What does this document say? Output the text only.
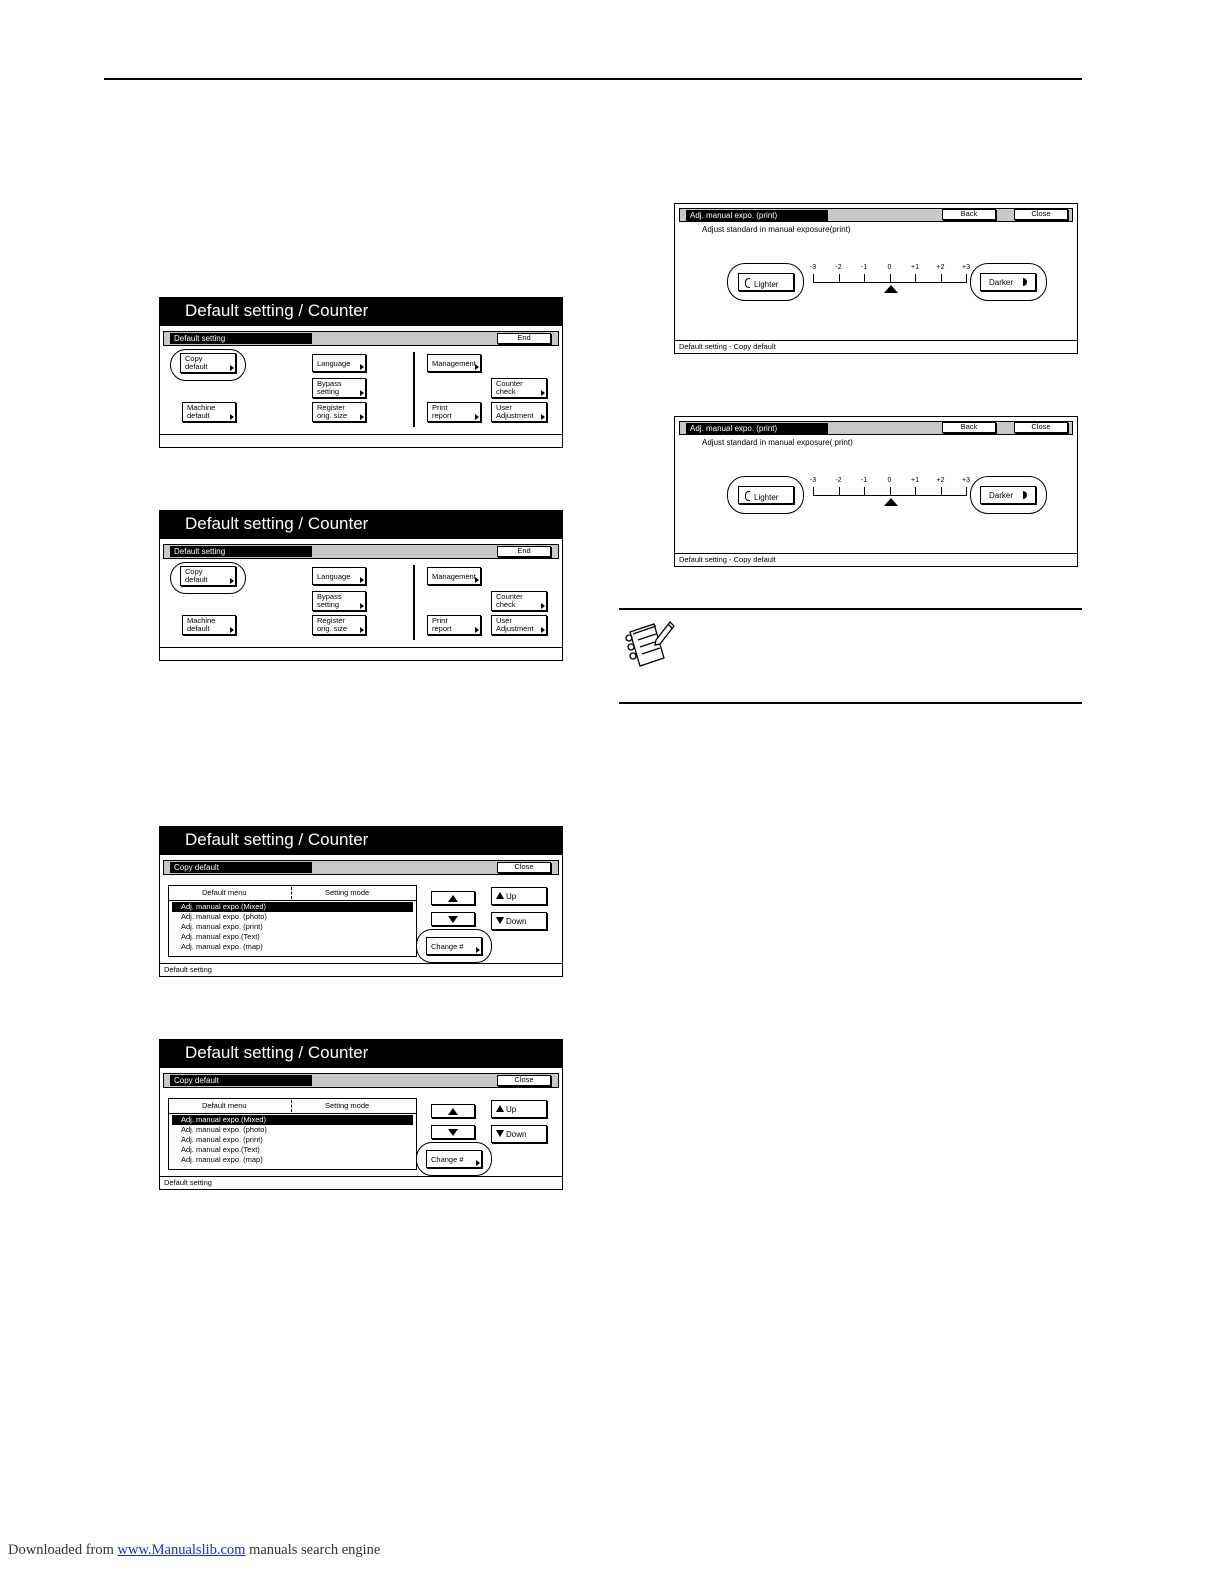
Default setting / Counter
Default setting	End
Copy
default	Language
Bypass
setting
Machine
default
Register
orig. size
Management
Counter
check
Print
report
User
Adjustment
Default setting / Counter
Default setting	End
Copy
default	Language
Bypass
setting
Machine
default
Register
orig. size
Management
Counter
check
Print
report
User
Adjustment
Default setting / Counter
Copy default	Close
Default menu	Setting mode
Adj. manual expo.(Mixed)
Adj. manual expo. (photo)
Adj. manual expo. (print)
Adj. manual expo.(Text)
Adj. manual expo. (map)
Up
Down
Change #
Default setting
Default setting / Counter
Copy default	Close
Default menu	Setting mode
Adj. manual expo.(Mixed)
Adj. manual expo. (photo)
Adj. manual expo. (print)
Adj. manual expo.(Text)
Adj. manual expo. (map)
Up
Down
Change #
Default setting
Adj. manual expo. (print)	Back	Close
Adjust standard in manual exposure(print)
Lighter
-3	-2	-1	0	+1	+2	+3
Darker
Default setting - Copy default
Adj. manual expo. (print)	Back	Close
Adjust standard in manual exposure( print)
Lighter
-3	-2	-1	0	+1	+2	+3
Darker
Default setting - Copy default
Downloaded from www.Manualslib.com manuals search engine
